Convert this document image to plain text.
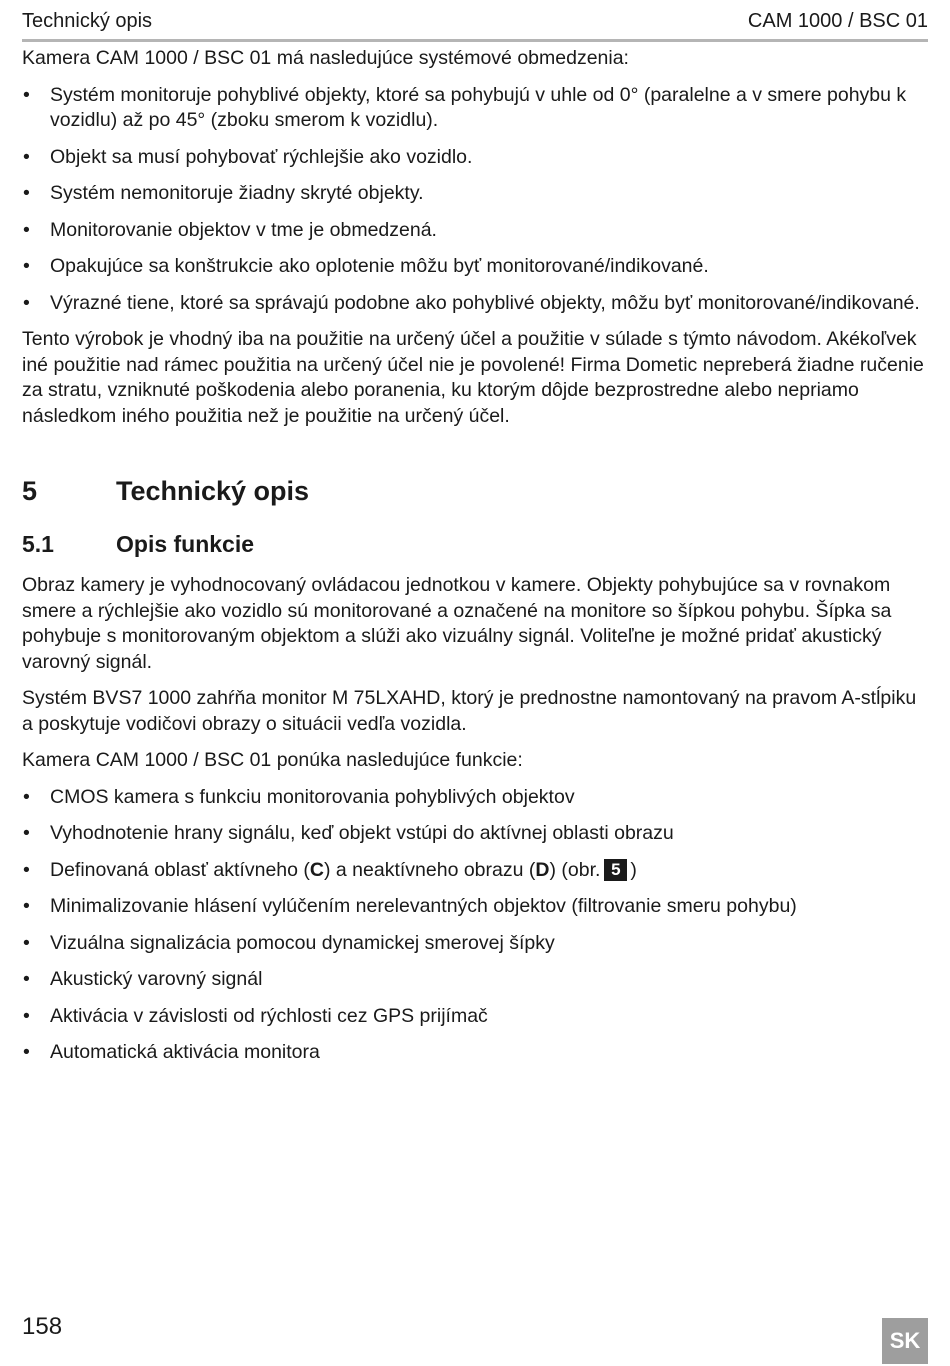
Technický opis	CAM 1000 / BSC 01

Kamera CAM 1000 / BSC 01 má nasledujúce systémové obmedzenia:

• Systém monitoruje pohyblivé objekty, ktoré sa pohybujú v uhle od 0° (paralelne a v smere pohybu k vozidlu) až po 45° (zboku smerom k vozidlu).
• Objekt sa musí pohybovať rýchlejšie ako vozidlo.
• Systém nemonitoruje žiadny skryté objekty.
• Monitorovanie objektov v tme je obmedzená.
• Opakujúce sa konštrukcie ako oplotenie môžu byť monitorované/indikované.
• Výrazné tiene, ktoré sa správajú podobne ako pohyblivé objekty, môžu byť monitorované/indikované.

Tento výrobok je vhodný iba na použitie na určený účel a použitie v súlade s týmto návodom. Akékoľvek iné použitie nad rámec použitia na určený účel nie je povolené! Firma Dometic nepreberá žiadne ručenie za stratu, vzniknuté poškodenia alebo poranenia, ku ktorým dôjde bezprostredne alebo nepriamo následkom iného použitia než je použitie na určený účel.

5	Technický opis
5.1	Opis funkcie

Obraz kamery je vyhodnocovaný ovládacou jednotkou v kamere. Objekty pohybujúce sa v rovnakom smere a rýchlejšie ako vozidlo sú monitorované a označené na monitore so šípkou pohybu. Šípka sa pohybuje s monitorovaným objektom a slúži ako vizuálny signál. Voliteľne je možné pridať akustický varovný signál.

Systém BVS7 1000 zahŕňa monitor M 75LXAHD, ktorý je prednostne namontovaný na pravom A-stĺpiku a poskytuje vodičovi obrazy o situácii vedľa vozidla.

Kamera CAM 1000 / BSC 01 ponúka nasledujúce funkcie:

• CMOS kamera s funkciu monitorovania pohyblivých objektov
• Vyhodnotenie hrany signálu, keď objekt vstúpi do aktívnej oblasti obrazu
• Definovaná oblasť aktívneho (C) a neaktívneho obrazu (D) (obr. 5 )
• Minimalizovanie hlásení vylúčením nerelevantných objektov (filtrovanie smeru pohybu)
• Vizuálna signalizácia pomocou dynamickej smerovej šípky
• Akustický varovný signál
• Aktivácia v závislosti od rýchlosti cez GPS prijímač
• Automatická aktivácia monitora
158
SK
